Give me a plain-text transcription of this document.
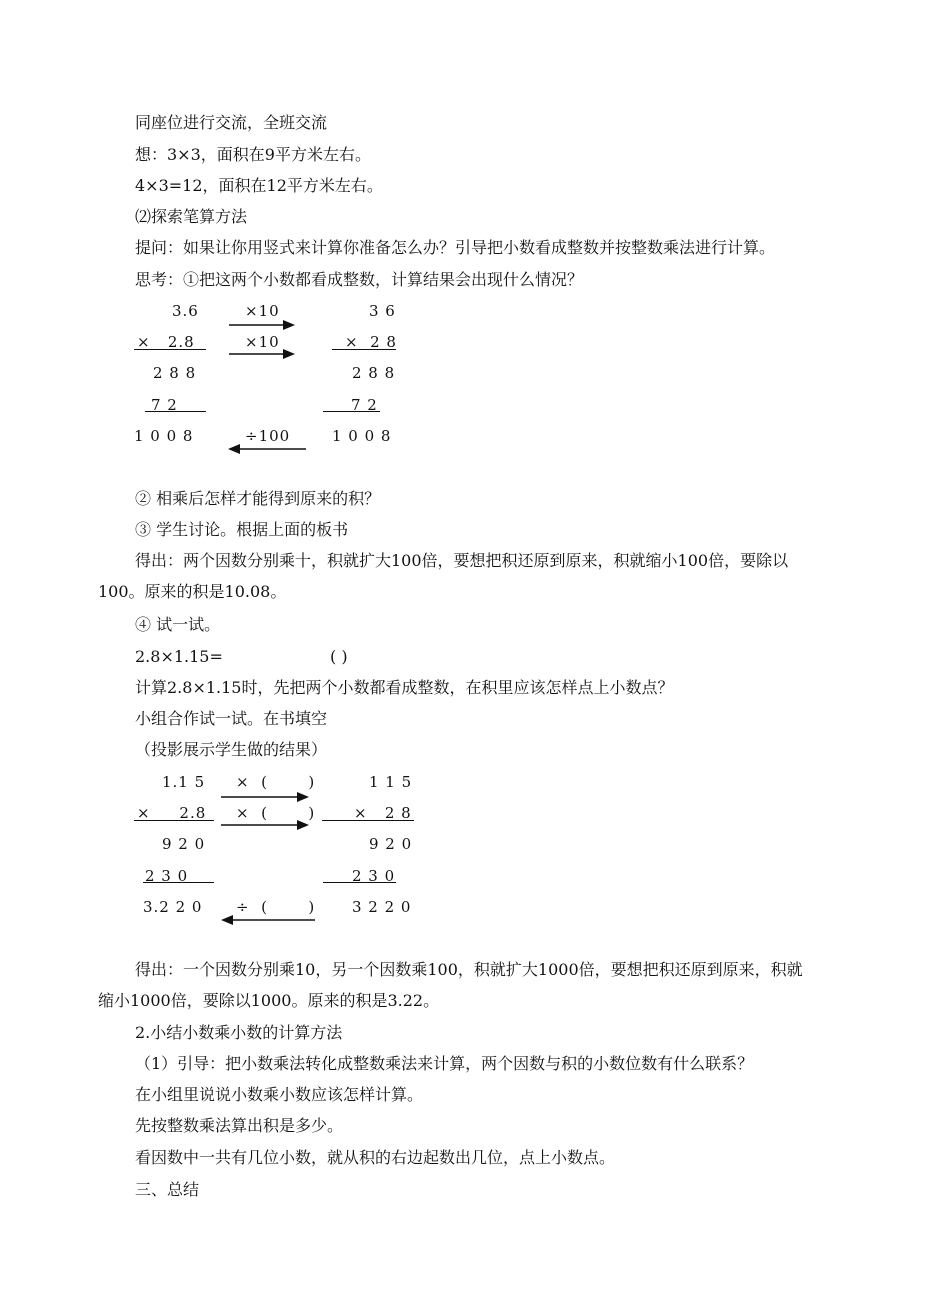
同座位进行交流，全班交流
想：3×3，面积在9平方米左右。
4×3=12，面积在12平方米左右。
⑵探索笔算方法
提问：如果让你用竖式来计算你准备怎么办？引导把小数看成整数并按整数乘法进行计算。
思考：①把这两个小数都看成整数，计算结果会出现什么情况？
3.6
×   2.8
2 8 8
7 2
1 0 0 8
×10
×10
÷100
3 6
×  2 8
2 8 8
7 2
1 0 0 8
② 相乘后怎样才能得到原来的积？
③ 学生讨论。根据上面的板书
得出：两个因数分别乘十，积就扩大100倍，要想把积还原到原来，积就缩小100倍，要除以
100。原来的积是10.08。
④ 试一试。
2.8×1.15=	( )
计算2.8×1.15时，先把两个小数都看成整数，在积里应该怎样点上小数点？
小组合作试一试。在书填空
（投影展示学生做的结果）
1.1 5
×     2.8
9 2 0
2 3 0
3.2 2 0
×  (       )
×  (       )
÷  (       )
1 1 5
×   2 8
9 2 0
2 3 0
3 2 2 0
得出：一个因数分别乘10，另一个因数乘100，积就扩大1000倍，要想把积还原到原来，积就
缩小1000倍，要除以1000。原来的积是3.22。
2.小结小数乘小数的计算方法
（1）引导：把小数乘法转化成整数乘法来计算，两个因数与积的小数位数有什么联系？
在小组里说说小数乘小数应该怎样计算。
先按整数乘法算出积是多少。
看因数中一共有几位小数，就从积的右边起数出几位，点上小数点。
三、总结
